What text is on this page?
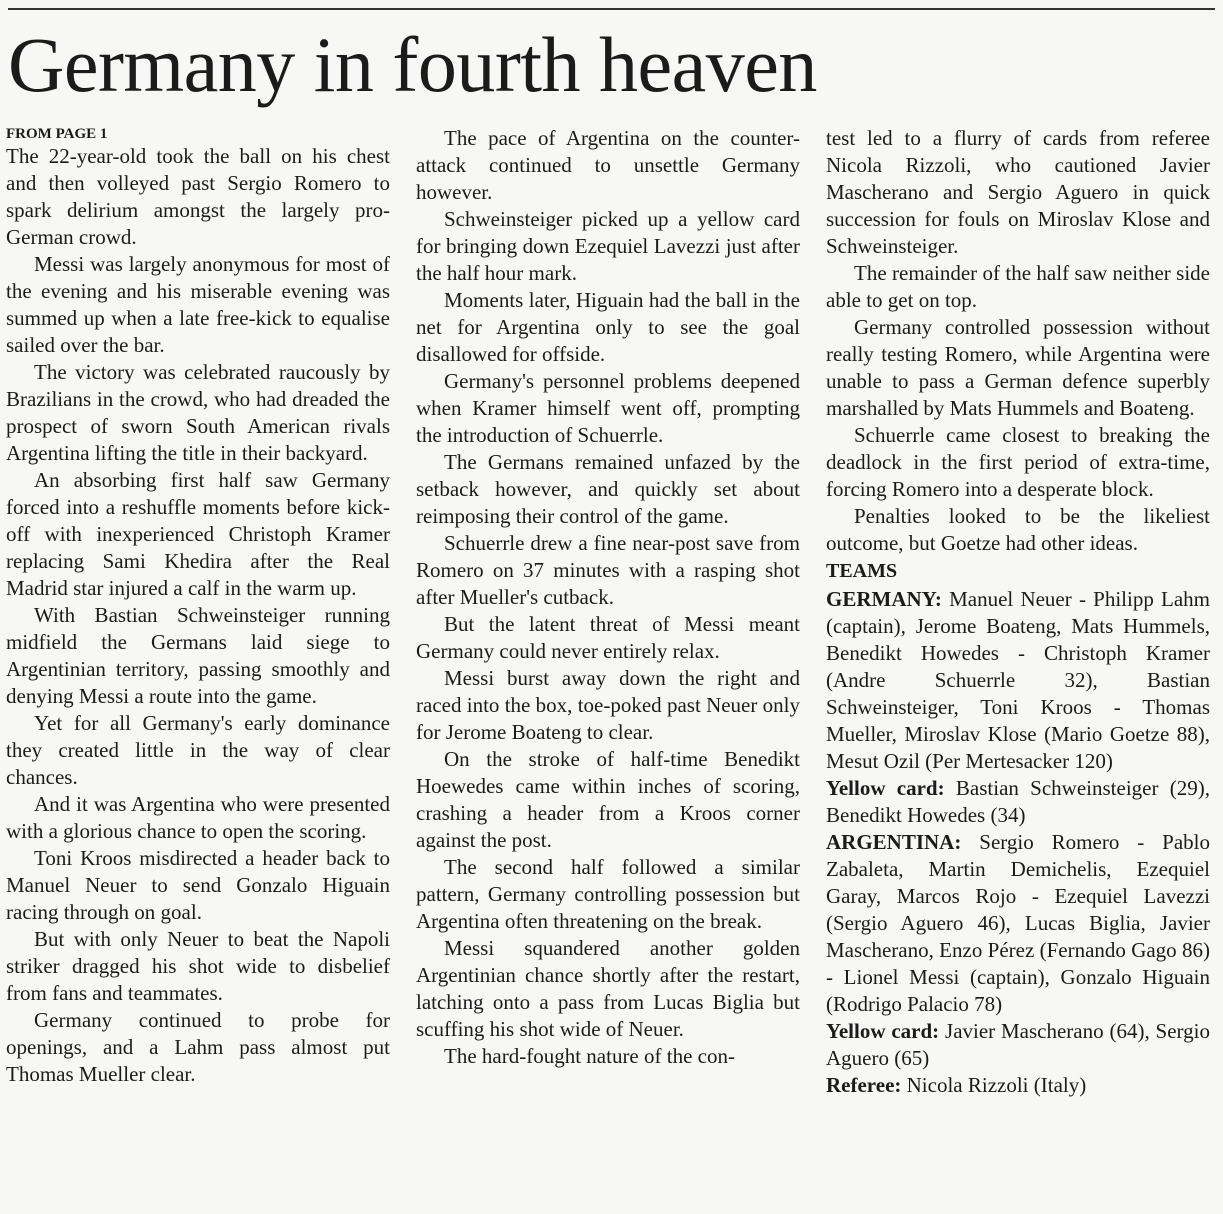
Germany in fourth heaven

FROM PAGE 1

The 22-year-old took the ball on his chest and then volleyed past Sergio Romero to spark delirium amongst the largely pro-German crowd.

Messi was largely anonymous for most of the evening and his miserable evening was summed up when a late free-kick to equalise sailed over the bar.

The victory was celebrated raucously by Brazilians in the crowd, who had dreaded the prospect of sworn South American rivals Argentina lifting the title in their backyard.

An absorbing first half saw Germany forced into a reshuffle moments before kick-off with inexperienced Christoph Kramer replacing Sami Khedira after the Real Madrid star injured a calf in the warm up.

With Bastian Schweinsteiger running midfield the Germans laid siege to Argentinian territory, passing smoothly and denying Messi a route into the game.

Yet for all Germany's early dominance they created little in the way of clear chances.

And it was Argentina who were presented with a glorious chance to open the scoring.

Toni Kroos misdirected a header back to Manuel Neuer to send Gonzalo Higuain racing through on goal.

But with only Neuer to beat the Napoli striker dragged his shot wide to disbelief from fans and teammates.

Germany continued to probe for openings, and a Lahm pass almost put Thomas Mueller clear.

The pace of Argentina on the counter-attack continued to unsettle Germany however.

Schweinsteiger picked up a yellow card for bringing down Ezequiel Lavezzi just after the half hour mark.

Moments later, Higuain had the ball in the net for Argentina only to see the goal disallowed for offside.

Germany's personnel problems deepened when Kramer himself went off, prompting the introduction of Schuerrle.

The Germans remained unfazed by the setback however, and quickly set about reimposing their control of the game.

Schuerrle drew a fine near-post save from Romero on 37 minutes with a rasping shot after Mueller's cutback.

But the latent threat of Messi meant Germany could never entirely relax.

Messi burst away down the right and raced into the box, toe-poked past Neuer only for Jerome Boateng to clear.

On the stroke of half-time Benedikt Hoewedes came within inches of scoring, crashing a header from a Kroos corner against the post.

The second half followed a similar pattern, Germany controlling possession but Argentina often threatening on the break.

Messi squandered another golden Argentinian chance shortly after the restart, latching onto a pass from Lucas Biglia but scuffing his shot wide of Neuer.

The hard-fought nature of the con-

test led to a flurry of cards from referee Nicola Rizzoli, who cautioned Javier Mascherano and Sergio Aguero in quick succession for fouls on Miroslav Klose and Schweinsteiger.

The remainder of the half saw neither side able to get on top.

Germany controlled possession without really testing Romero, while Argentina were unable to pass a German defence superbly marshalled by Mats Hummels and Boateng.

Schuerrle came closest to breaking the deadlock in the first period of extra-time, forcing Romero into a desperate block.

Penalties looked to be the likeliest outcome, but Goetze had other ideas.

TEAMS

GERMANY: Manuel Neuer - Philipp Lahm (captain), Jerome Boateng, Mats Hummels, Benedikt Howedes - Christoph Kramer (Andre Schuerrle 32), Bastian Schweinsteiger, Toni Kroos - Thomas Mueller, Miroslav Klose (Mario Goetze 88), Mesut Ozil (Per Mertesacker 120)

Yellow card: Bastian Schweinsteiger (29), Benedikt Howedes (34)

ARGENTINA: Sergio Romero - Pablo Zabaleta, Martin Demichelis, Ezequiel Garay, Marcos Rojo - Ezequiel Lavezzi (Sergio Aguero 46), Lucas Biglia, Javier Mascherano, Enzo Pérez (Fernando Gago 86) - Lionel Messi (captain), Gonzalo Higuain (Rodrigo Palacio 78)

Yellow card: Javier Mascherano (64), Sergio Aguero (65)

Referee: Nicola Rizzoli (Italy)
